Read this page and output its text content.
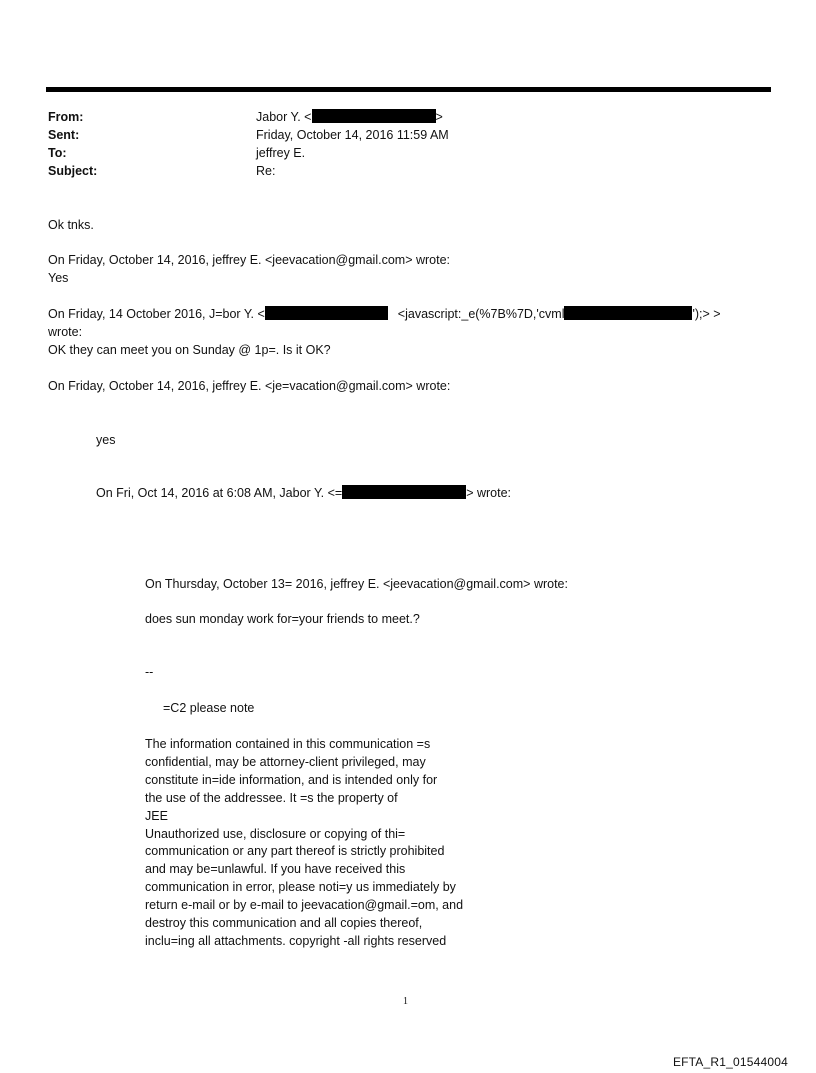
From:	Jabor Y. <	>
Sent:	Friday, October 14, 2016 11:59 AM
To:	jeffrey E.
Subject:	Re:
Ok tnks.
On Friday, October 14, 2016, jeffrey E. <jeevacation@gmail.com> wrote:
Yes
On Friday, 14 October 2016, J=bor Y. <	<javascript:_e(%7B%7D,'cvml	');> >
wrote:
OK they can meet you on Sunday @ 1p=. Is it OK?
On Friday, October 14, 2016, jeffrey E. <je=vacation@gmail.com> wrote:
yes
On Fri, Oct 14, 2016 at 6:08 AM, Jabor Y. <=	> wrote:
On Thursday, October 13= 2016, jeffrey E. <jeevacation@gmail.com> wrote:
does sun monday work for=your friends to meet.?
--
=C2 please note
The information contained in this communication =s
confidential, may be attorney-client privileged, may
constitute in=ide information, and is intended only for
the use of the addressee. It =s the property of
JEE
Unauthorized use, disclosure or copying of thi=
communication or any part thereof is strictly prohibited
and may be=unlawful. If you have received this
communication in error, please noti=y us immediately by
return e-mail or by e-mail to jeevacation@gmail.=om, and
destroy this communication and all copies thereof,
inclu=ing all attachments. copyright -all rights reserved
1
EFTA_R1_01544004
